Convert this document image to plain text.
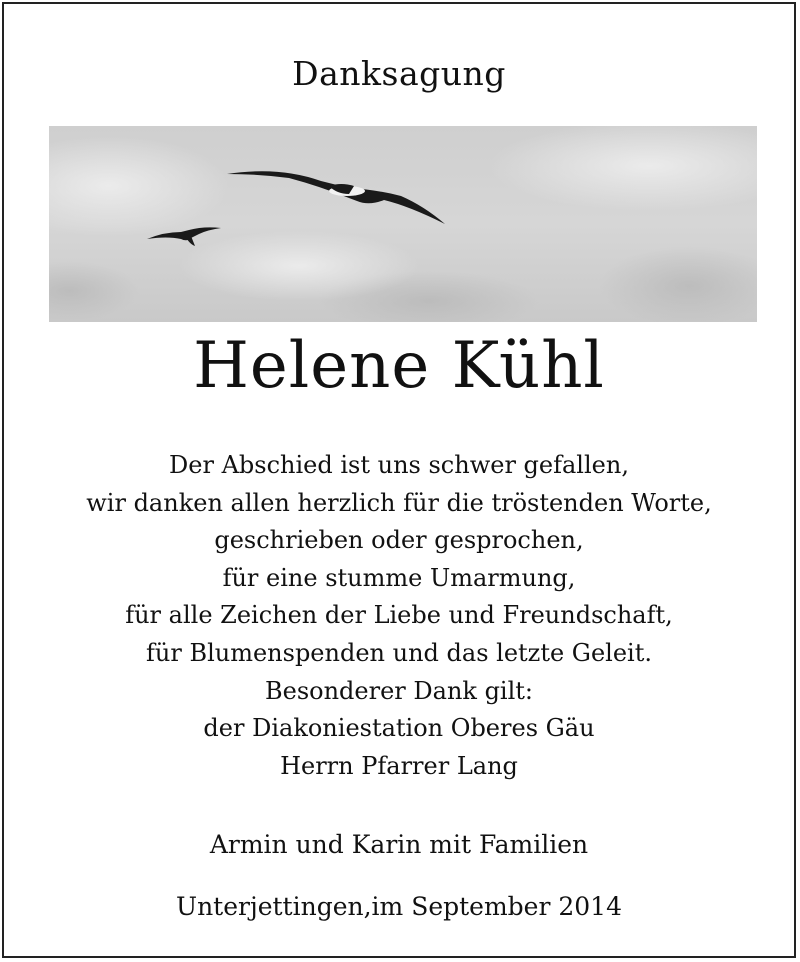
Danksagung
Helene Kühl
Der Abschied ist uns schwer gefallen,
wir danken allen herzlich für die tröstenden Worte,
geschrieben oder gesprochen,
für eine stumme Umarmung,
für alle Zeichen der Liebe und Freundschaft,
für Blumenspenden und das letzte Geleit.
Besonderer Dank gilt:
der Diakoniestation Oberes Gäu
Herrn Pfarrer Lang
Armin und Karin mit Familien
Unterjettingen,im September 2014
